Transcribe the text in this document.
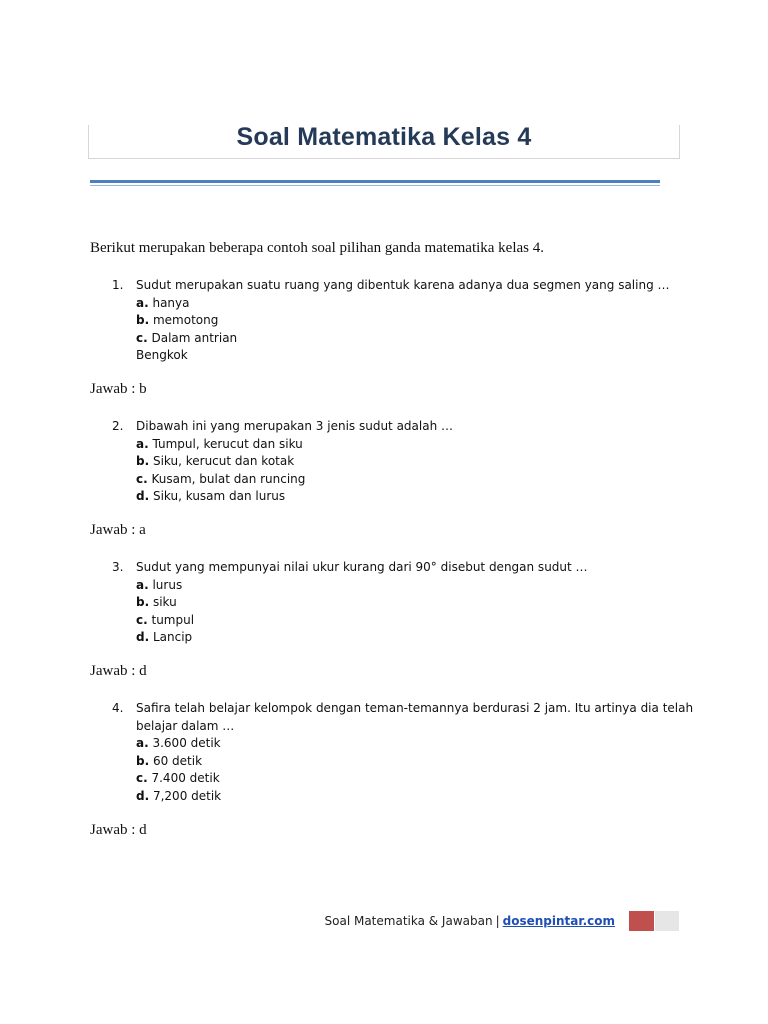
Soal Matematika Kelas 4
Berikut merupakan beberapa contoh soal pilihan ganda matematika kelas 4.
1.	Sudut merupakan suatu ruang yang dibentuk karena adanya dua segmen yang saling …
a. hanya
b. memotong
c. Dalam antrian
Bengkok
Jawab : b
2.	Dibawah ini yang merupakan 3 jenis sudut adalah …
a. Tumpul, kerucut dan siku
b. Siku, kerucut dan kotak
c. Kusam, bulat dan runcing
d. Siku, kusam dan lurus
Jawab : a
3.	Sudut yang mempunyai nilai ukur kurang dari 90° disebut dengan sudut …
a. lurus
b. siku
c. tumpul
d. Lancip
Jawab : d
4.	Safira telah belajar kelompok dengan teman-temannya berdurasi 2 jam. Itu artinya dia telah
belajar dalam …
a. 3.600 detik
b. 60 detik
c. 7.400 detik
d. 7,200 detik
Jawab : d
Soal Matematika & Jawaban | dosenpintar.com
